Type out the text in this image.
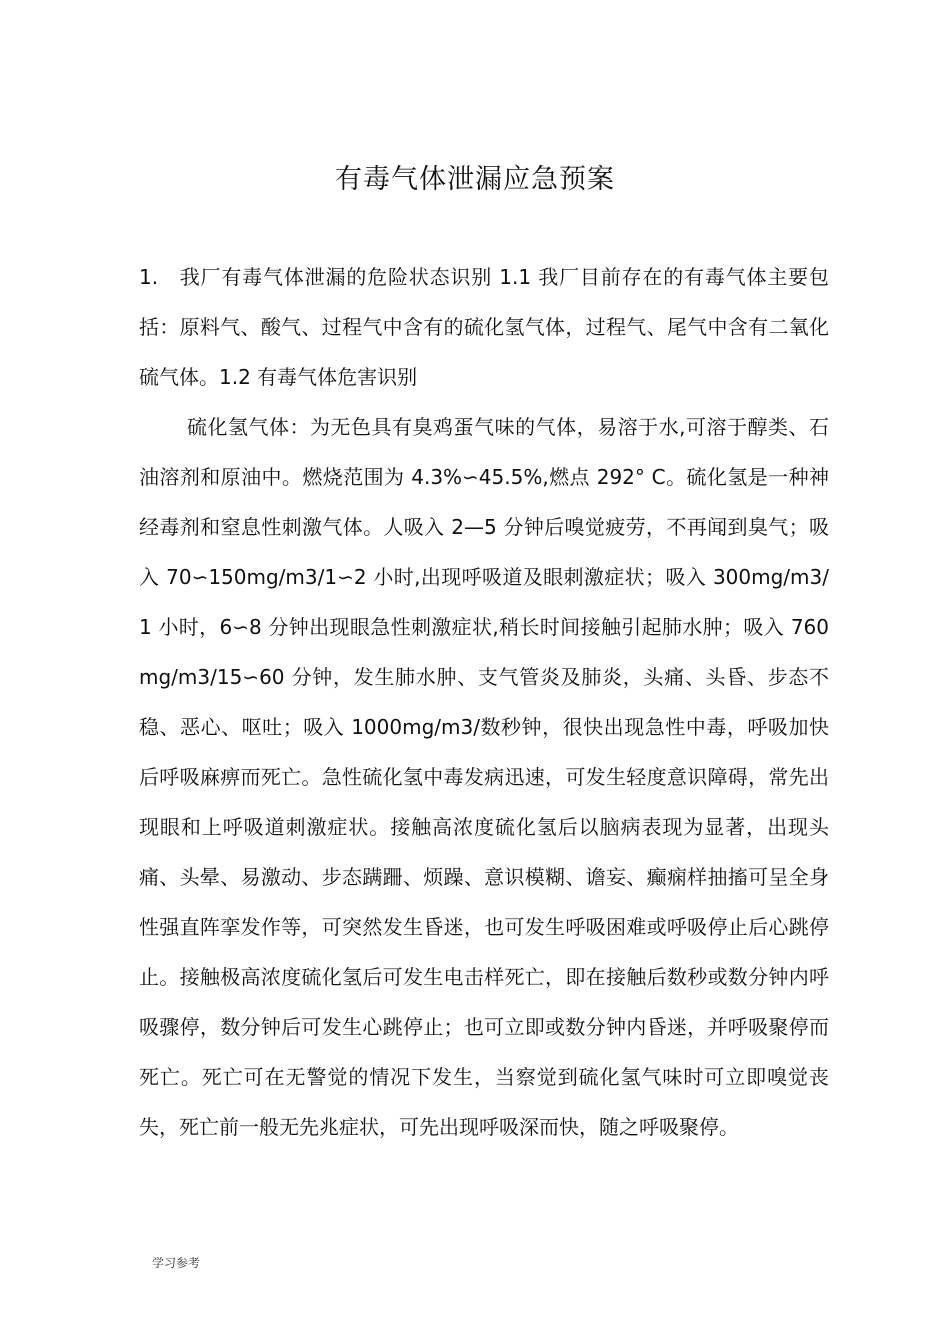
有毒气体泄漏应急预案
1.　我厂有毒气体泄漏的危险状态识别 1.1 我厂目前存在的有毒气体主要包括：原料气、酸气、过程气中含有的硫化氢气体，过程气、尾气中含有二氧化硫气体。1.2 有毒气体危害识别
硫化氢气体：为无色具有臭鸡蛋气味的气体，易溶于水,可溶于醇类、石油溶剂和原油中。燃烧范围为 4.3%∽45.5%,燃点 292° C。硫化氢是一种神经毒剂和窒息性刺激气体。人吸入 2—5 分钟后嗅觉疲劳，不再闻到臭气；吸入 70∽150mg/m3/1∽2 小时,出现呼吸道及眼刺激症状；吸入 300mg/m3/1 小时，6∽8 分钟出现眼急性刺激症状,稍长时间接触引起肺水肿；吸入 760mg/m3/15∽60 分钟，发生肺水肿、支气管炎及肺炎，头痛、头昏、步态不稳、恶心、呕吐；吸入 1000mg/m3/数秒钟，很快出现急性中毒，呼吸加快后呼吸麻痹而死亡。急性硫化氢中毒发病迅速，可发生轻度意识障碍，常先出现眼和上呼吸道刺激症状。接触高浓度硫化氢后以脑病表现为显著，出现头痛、头晕、易激动、步态蹒跚、烦躁、意识模糊、谵妄、癫痫样抽搐可呈全身性强直阵挛发作等，可突然发生昏迷，也可发生呼吸困难或呼吸停止后心跳停止。接触极高浓度硫化氢后可发生电击样死亡，即在接触后数秒或数分钟内呼吸骤停，数分钟后可发生心跳停止；也可立即或数分钟内昏迷，并呼吸聚停而死亡。死亡可在无警觉的情况下发生，当察觉到硫化氢气味时可立即嗅觉丧失，死亡前一般无先兆症状，可先出现呼吸深而快，随之呼吸聚停。
学习参考
